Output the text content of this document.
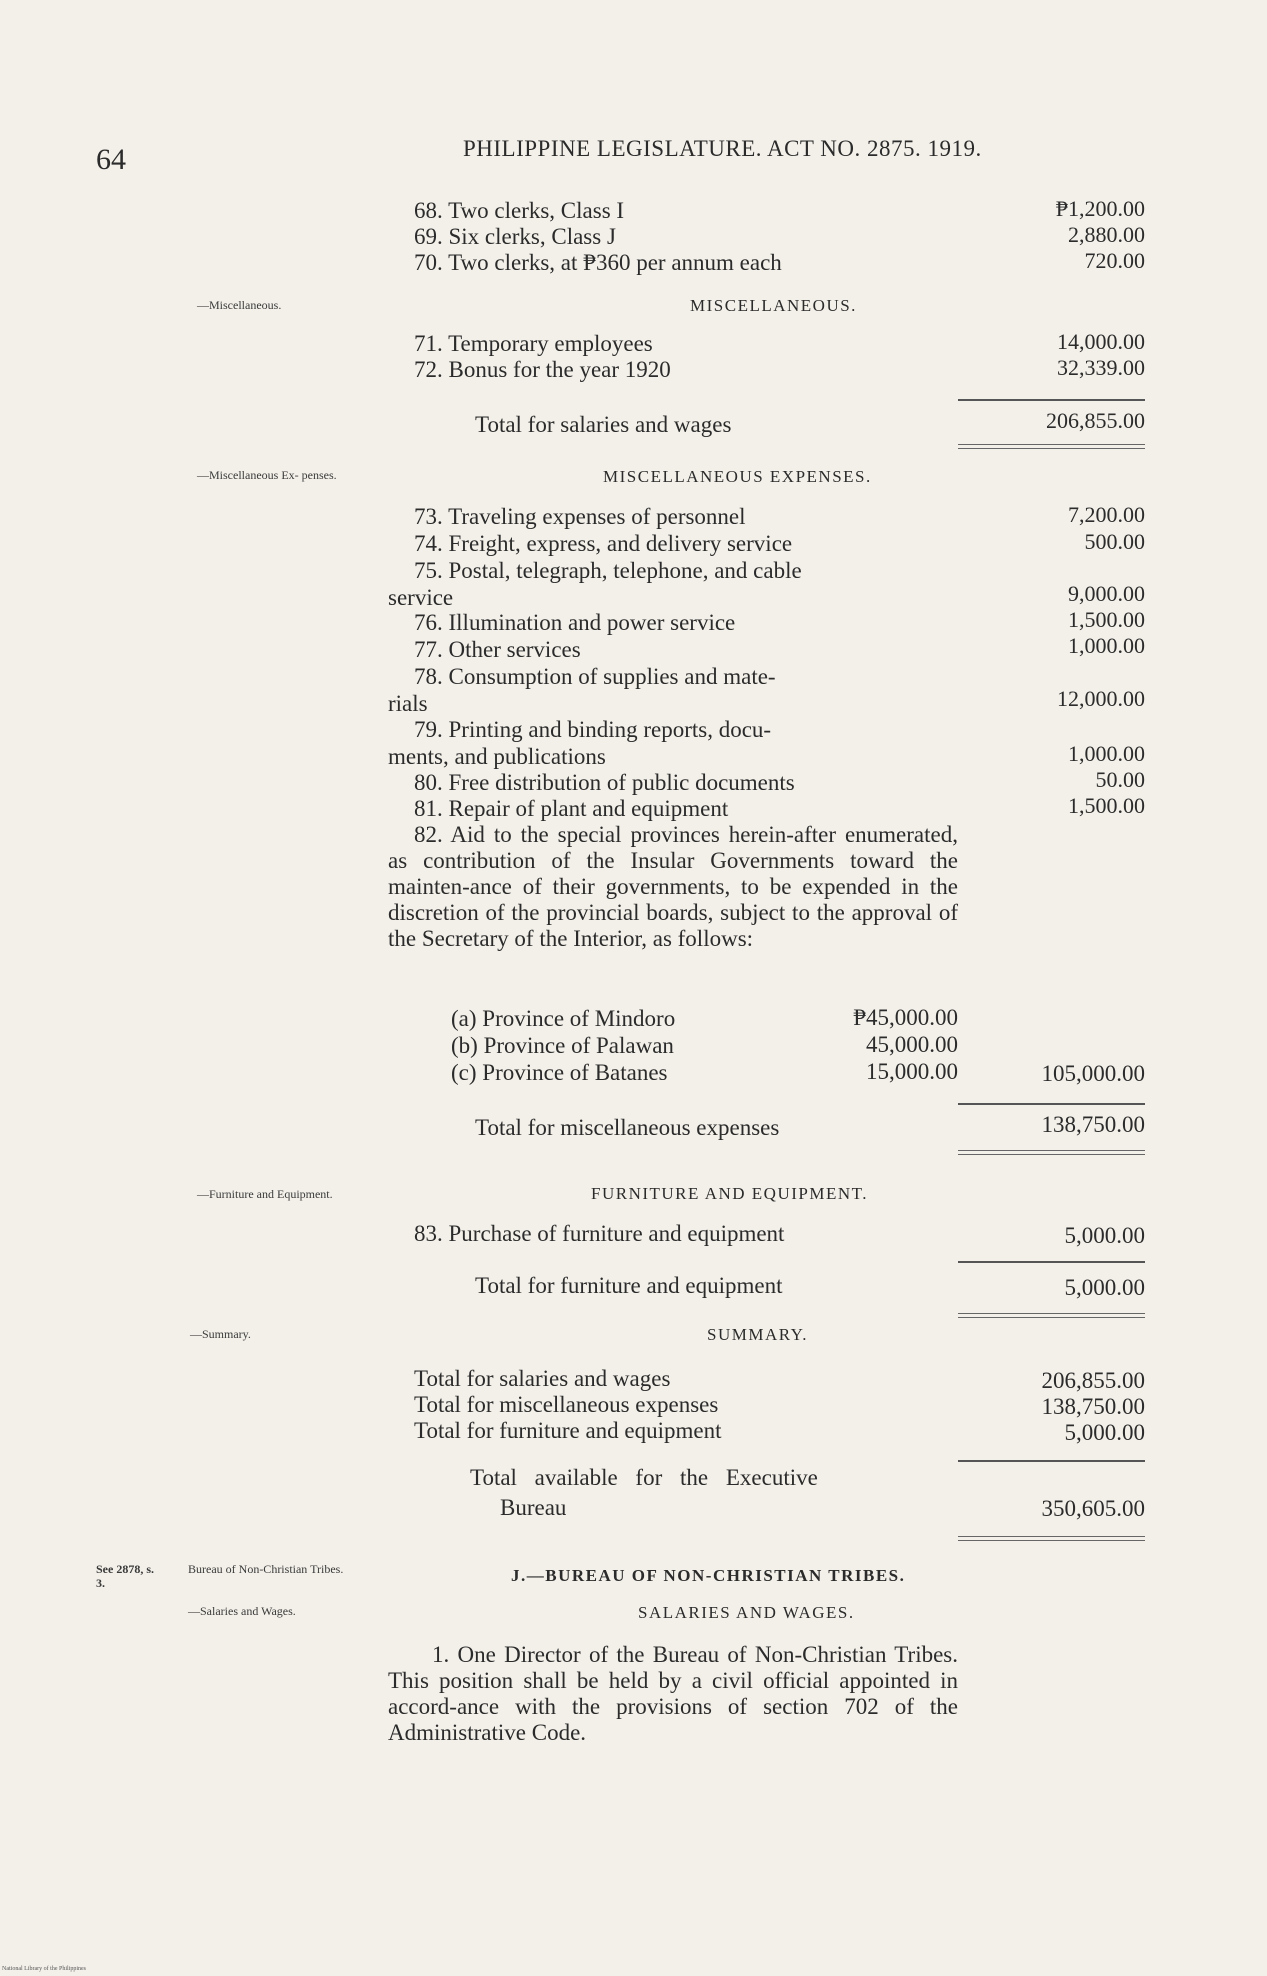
64	PHILIPPINE LEGISLATURE. ACT NO. 2875. 1919.
68. Two clerks, Class I	₱1,200.00
69. Six clerks, Class J	2,880.00
70. Two clerks, at ₱360 per annum each	720.00
—Miscellaneous.	MISCELLANEOUS.
71. Temporary employees	14,000.00
72. Bonus for the year 1920	32,339.00
Total for salaries and wages	206,855.00
—Miscellaneous Ex- penses.	MISCELLANEOUS EXPENSES.
73. Traveling expenses of personnel	7,200.00
74. Freight, express, and delivery service	500.00
75. Postal, telegraph, telephone, and cable
service	9,000.00
76. Illumination and power service	1,500.00
77. Other services	1,000.00
78. Consumption of supplies and mate-
rials	12,000.00
79. Printing and binding reports, docu-
ments, and publications	1,000.00
80. Free distribution of public documents	50.00
81. Repair of plant and equipment	1,500.00
82. Aid to the special provinces herein-after enumerated, as contribution of the Insular Governments toward the mainten-ance of their governments, to be expended in the discretion of the provincial boards, subject to the approval of the Secretary of the Interior, as follows:
(a) Province of Mindoro	₱45,000.00
(b) Province of Palawan	45,000.00
(c) Province of Batanes	15,000.00	105,000.00
Total for miscellaneous expenses	138,750.00
—Furniture and Equipment.	FURNITURE AND EQUIPMENT.
83. Purchase of furniture and equipment	5,000.00
Total for furniture and equipment	5,000.00
—Summary.	SUMMARY.
Total for salaries and wages	206,855.00
Total for miscellaneous expenses	138,750.00
Total for furniture and equipment	5,000.00
Total available for the Executive
Bureau	350,605.00
See 2878, s. 3.
Bureau of Non-Christian Tribes.
—Salaries and Wages.
J.—BUREAU OF NON-CHRISTIAN TRIBES.
SALARIES AND WAGES.
1. One Director of the Bureau of Non-Christian Tribes. This position shall be held by a civil official appointed in accord-ance with the provisions of section 702 of the Administrative Code.
National Library of the Philippines
